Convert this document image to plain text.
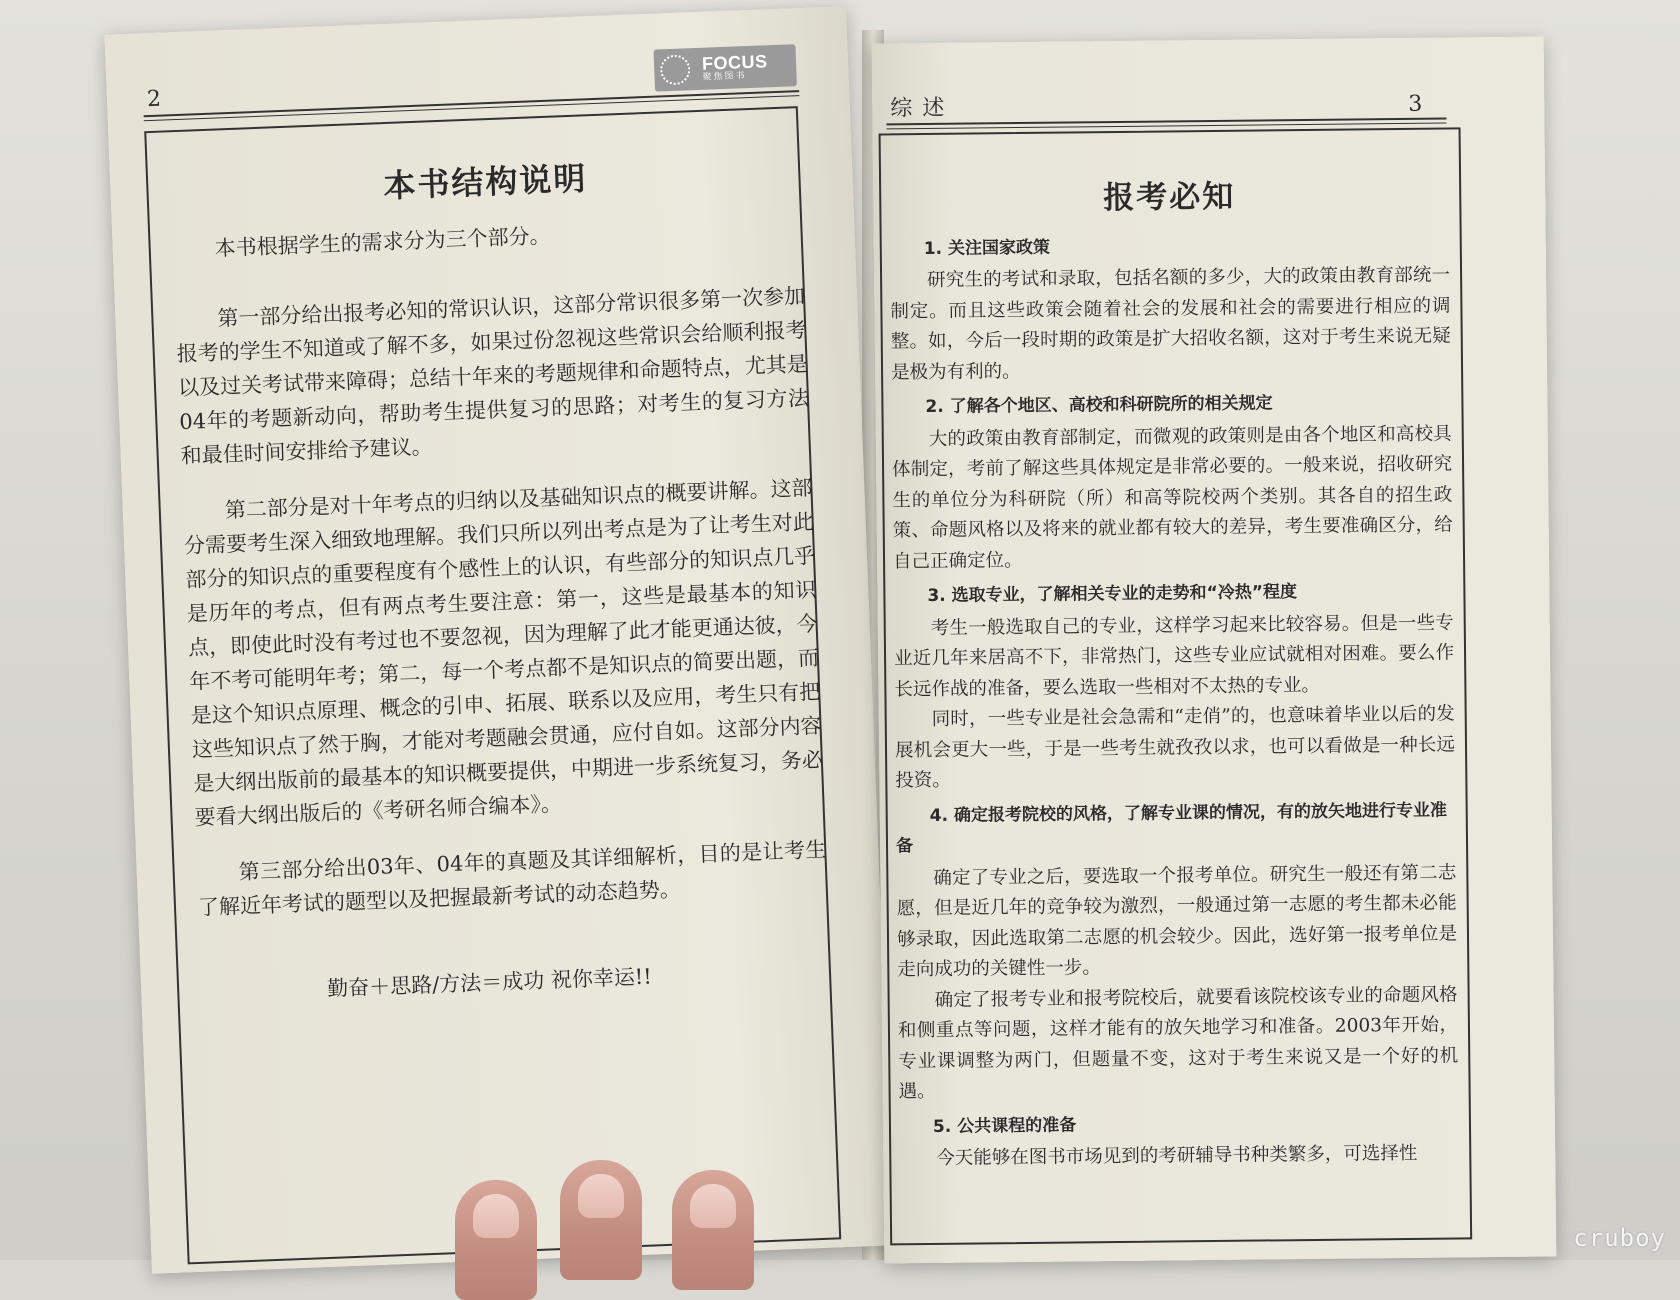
2
FOCUS
聚焦图书
本书结构说明

本书根据学生的需求分为三个部分。

第一部分给出报考必知的常识认识，这部分常识很多第一次参加报考的学生不知道或了解不多，如果过份忽视这些常识会给顺利报考以及过关考试带来障碍；总结十年来的考题规律和命题特点，尤其是04年的考题新动向，帮助考生提供复习的思路；对考生的复习方法和最佳时间安排给予建议。

第二部分是对十年考点的归纳以及基础知识点的概要讲解。这部分需要考生深入细致地理解。我们只所以列出考点是为了让考生对此部分的知识点的重要程度有个感性上的认识，有些部分的知识点几乎是历年的考点，但有两点考生要注意：第一，这些是最基本的知识点，即使此时没有考过也不要忽视，因为理解了此才能更通达彼，今年不考可能明年考；第二，每一个考点都不是知识点的简要出题，而是这个知识点原理、概念的引申、拓展、联系以及应用，考生只有把这些知识点了然于胸，才能对考题融会贯通，应付自如。这部分内容是大纲出版前的最基本的知识概要提供，中期进一步系统复习，务必要看大纲出版后的《考研名师合编本》。

第三部分给出03年、04年的真题及其详细解析，目的是让考生了解近年考试的题型以及把握最新考试的动态趋势。

勤奋＋思路/方法＝成功 祝你幸运!!

综述	3
报考必知
1. 关注国家政策

研究生的考试和录取，包括名额的多少，大的政策由教育部统一制定。而且这些政策会随着社会的发展和社会的需要进行相应的调整。如，今后一段时期的政策是扩大招收名额，这对于考生来说无疑是极为有利的。

2. 了解各个地区、高校和科研院所的相关规定

大的政策由教育部制定，而微观的政策则是由各个地区和高校具体制定，考前了解这些具体规定是非常必要的。一般来说，招收研究生的单位分为科研院（所）和高等院校两个类别。其各自的招生政策、命题风格以及将来的就业都有较大的差异，考生要准确区分，给自己正确定位。

3. 选取专业，了解相关专业的走势和“冷热”程度

考生一般选取自己的专业，这样学习起来比较容易。但是一些专业近几年来居高不下，非常热门，这些专业应试就相对困难。要么作长远作战的准备，要么选取一些相对不太热的专业。

同时，一些专业是社会急需和“走俏”的，也意味着毕业以后的发展机会更大一些，于是一些考生就孜孜以求，也可以看做是一种长远投资。

4. 确定报考院校的风格，了解专业课的情况，有的放矢地进行专业准备

确定了专业之后，要选取一个报考单位。研究生一般还有第二志愿，但是近几年的竞争较为激烈，一般通过第一志愿的考生都未必能够录取，因此选取第二志愿的机会较少。因此，选好第一报考单位是走向成功的关键性一步。

确定了报考专业和报考院校后，就要看该院校该专业的命题风格和侧重点等问题，这样才能有的放矢地学习和准备。2003年开始，专业课调整为两门，但题量不变，这对于考生来说又是一个好的机遇。

5. 公共课程的准备

今天能够在图书市场见到的考研辅导书种类繁多，可选择性

cruboy
